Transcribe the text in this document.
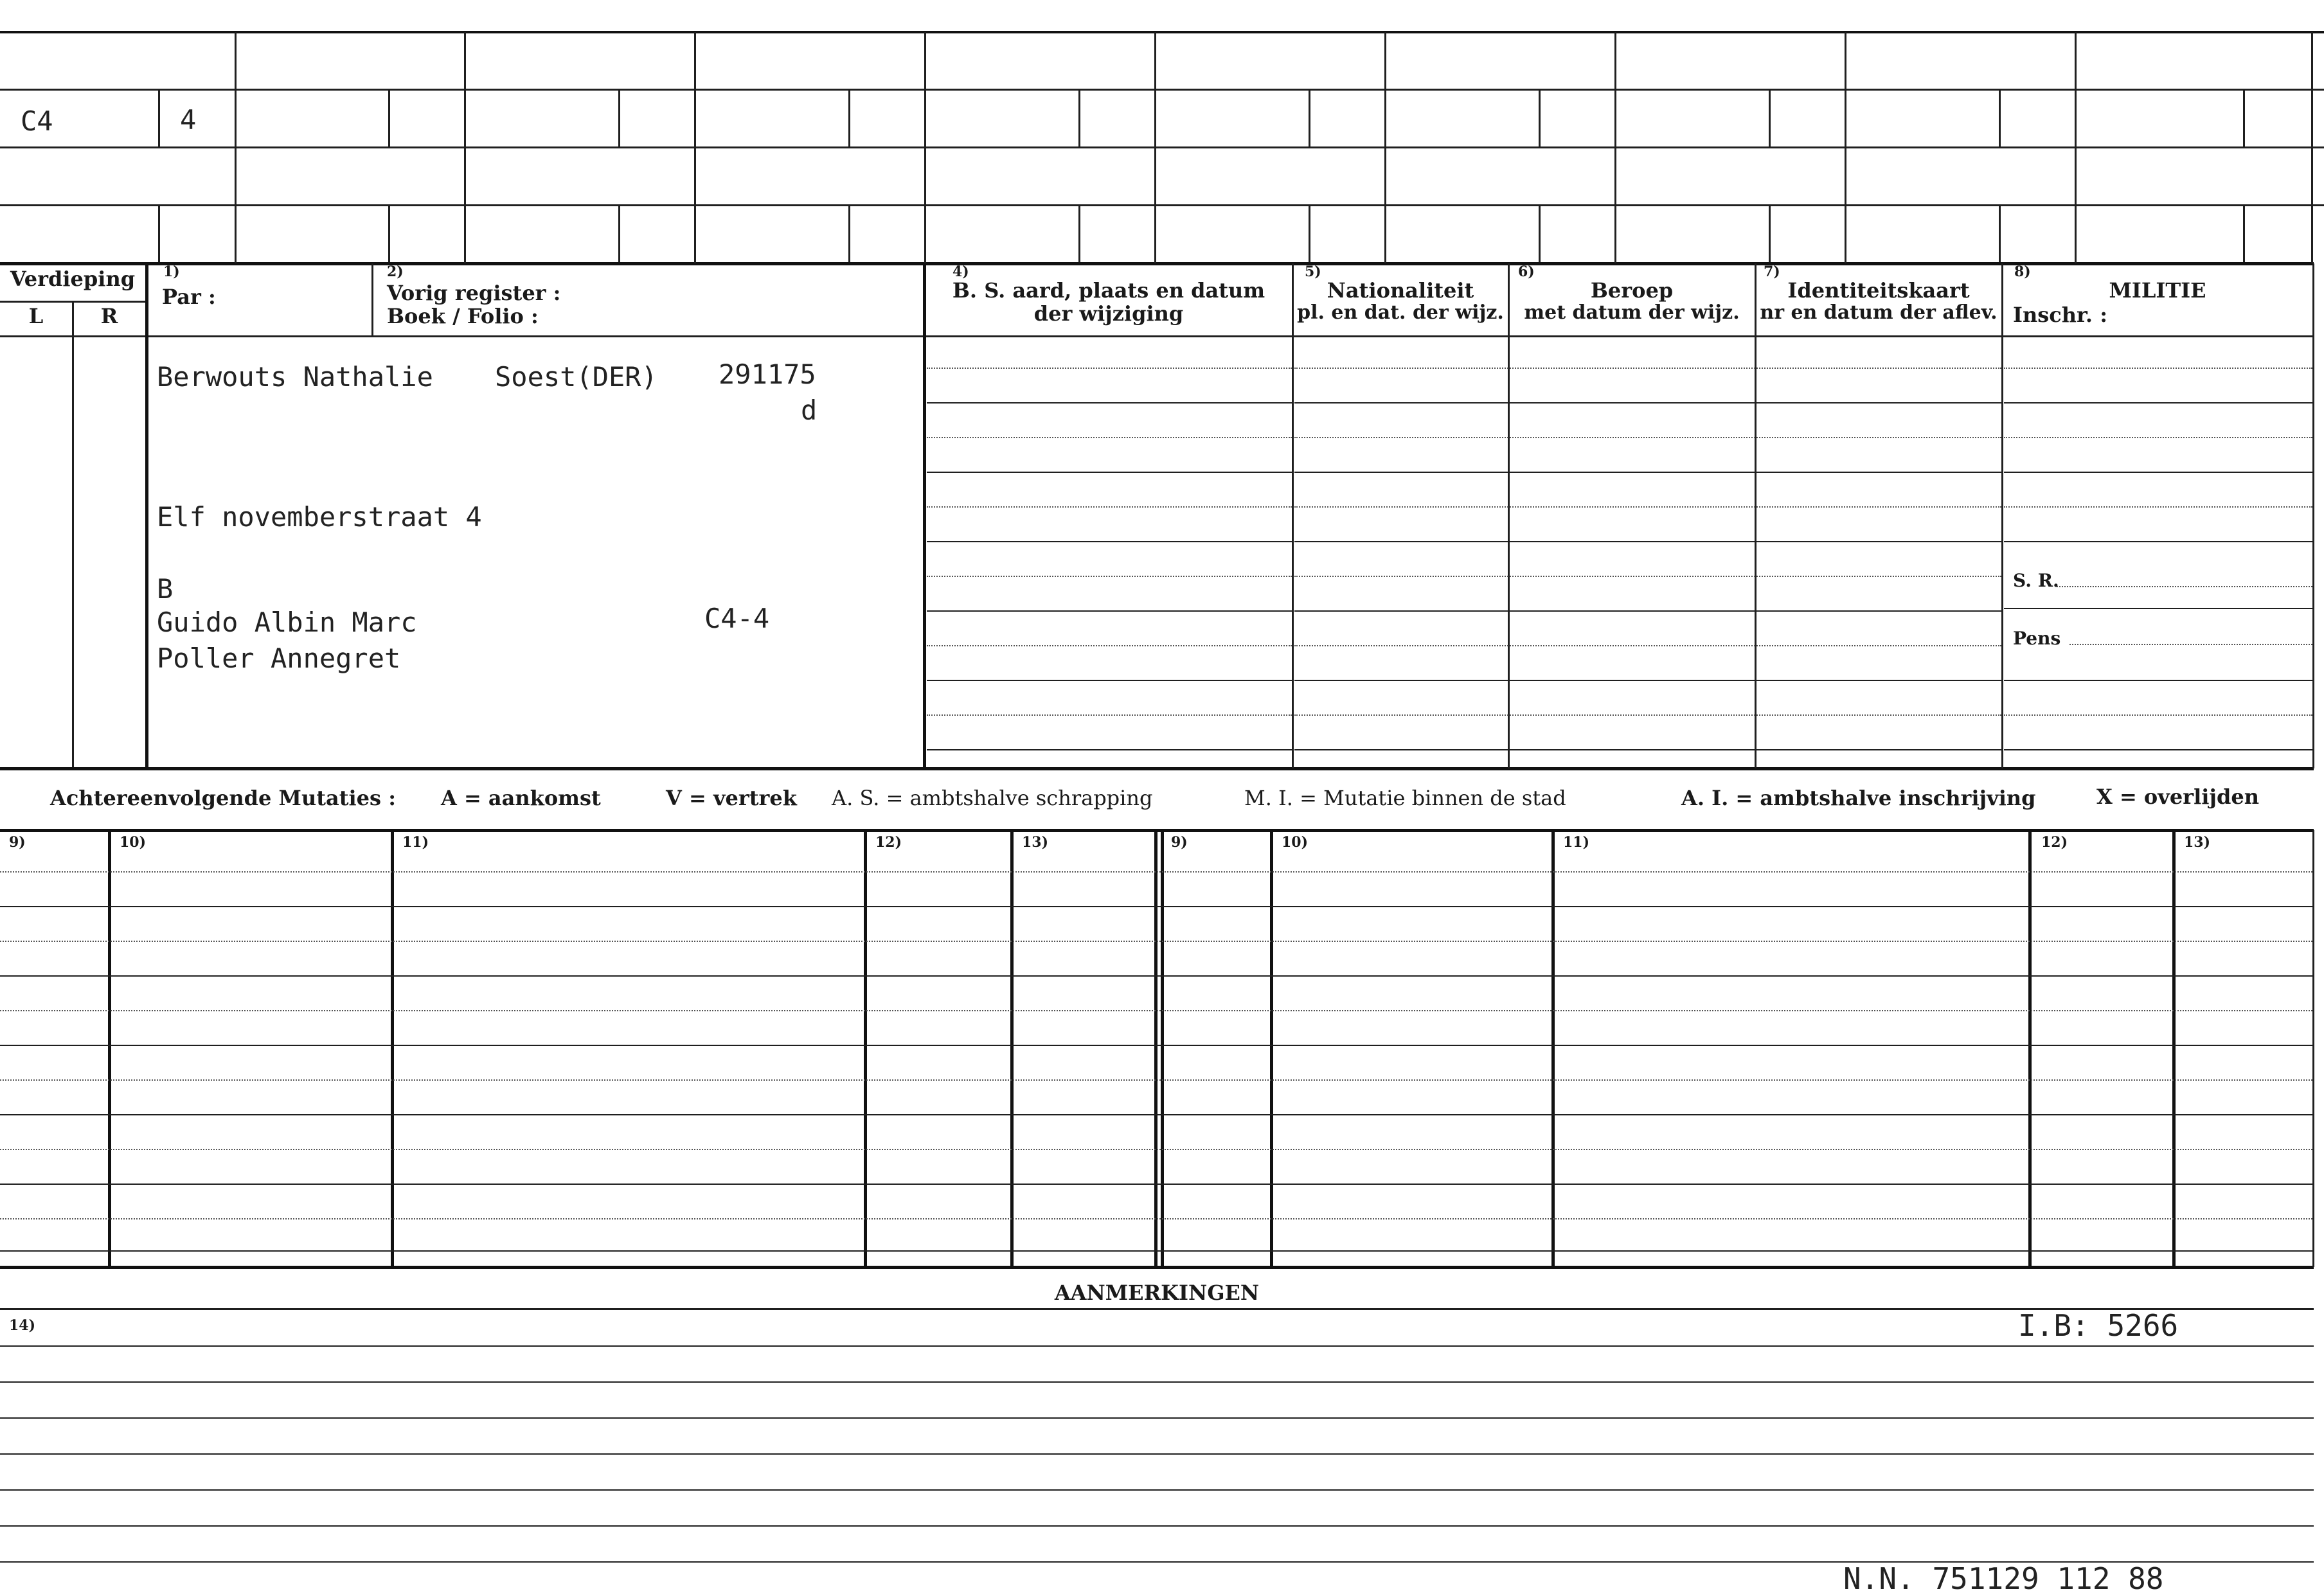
C4	4
Verdieping
L	R
1)
Par :
2)
Vorig register :
Boek / Folio :
4)
B. S. aard, plaats en datum
der wijziging
5)
Nationaliteit
pl. en dat. der wijz.
6)
Beroep
met datum der wijz.
7)
Identiteitskaart
nr en datum der aflev.
8)
MILITIE
Inschr. :
Berwouts Nathalie Soest(DER) 291175
d
Elf novemberstraat 4
B
Guido Albin Marc	C4-4
Poller Annegret
S. R.
Pens
Achtereenvolgende Mutaties : A = aankomst	V = vertrek A. S. = ambtshalve schrapping	M. I. = Mutatie binnen de stad	A. I. = ambtshalve inschrijving	X = overlijden
9)	10)	11)	12)	13)	9)	10)	11)	12)	13)
AANMERKINGEN
14)	I.B: 5266
N.N. 751129 112 88
